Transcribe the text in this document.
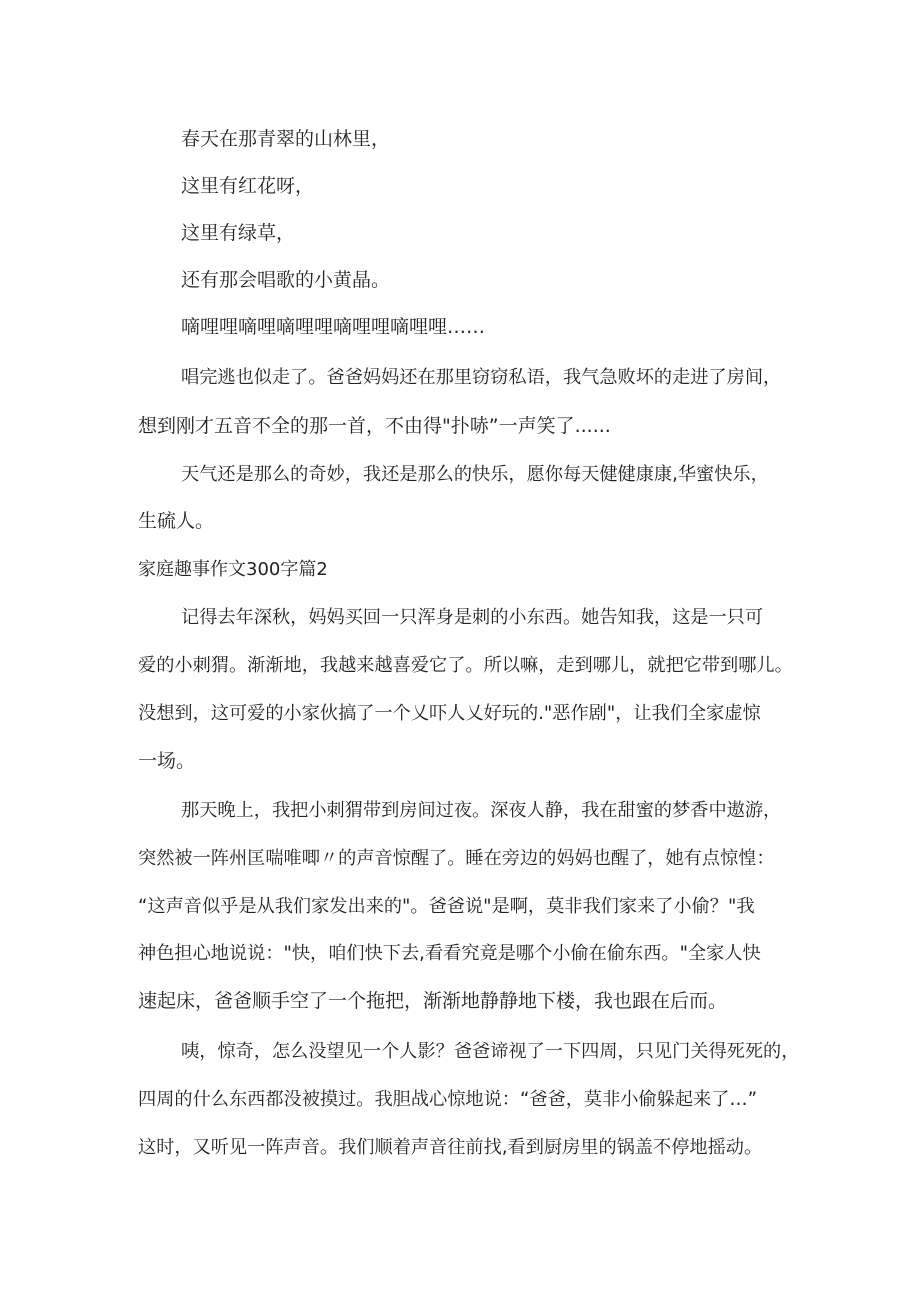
春天在那青翠的山林里，
这里有红花呀，
这里有绿草，
还有那会唱歌的小黄晶。
嘀哩哩嘀哩嘀哩哩嘀哩哩嘀哩哩……
唱完逃也似走了。爸爸妈妈还在那里窃窃私语，我气急败坏的走进了房间，
想到刚才五音不全的那一首，不由得"扑哧”一声笑了......
天气还是那么的奇妙，我还是那么的快乐，愿你每天健健康康,华蜜快乐，
生硫人。
家庭趣事作文300字篇2
记得去年深秋，妈妈买回一只浑身是刺的小东西。她告知我，这是一只可
爱的小刺猬。渐渐地，我越来越喜爱它了。所以嘛，走到哪儿，就把它带到哪儿。
没想到，这可爱的小家伙搞了一个乂吓人乂好玩的."恶作剧"，让我们全家虚惊
一场。
那天晚上，我把小刺猬带到房间过夜。深夜人静，我在甜蜜的梦香中遨游，
突然被一阵州匡喘唯唧〃的声音惊醒了。睡在旁边的妈妈也醒了，她有点惊惶：
“这声音似乎是从我们家发出来的"。爸爸说"是啊，莫非我们家来了小偷？"我
神色担心地说说："快，咱们快下去,看看究竟是哪个小偷在偷东西。"全家人快
速起床，爸爸顺手空了一个拖把，渐渐地静静地下楼，我也跟在后而。
咦，惊奇，怎么没望见一个人影？爸爸谛视了一下四周，只见门关得死死的，
四周的什么东西都没被摸过。我胆战心惊地说：“爸爸，莫非小偷躲起来了…”
这时，又听见一阵声音。我们顺着声音往前找,看到厨房里的锅盖不停地摇动。
